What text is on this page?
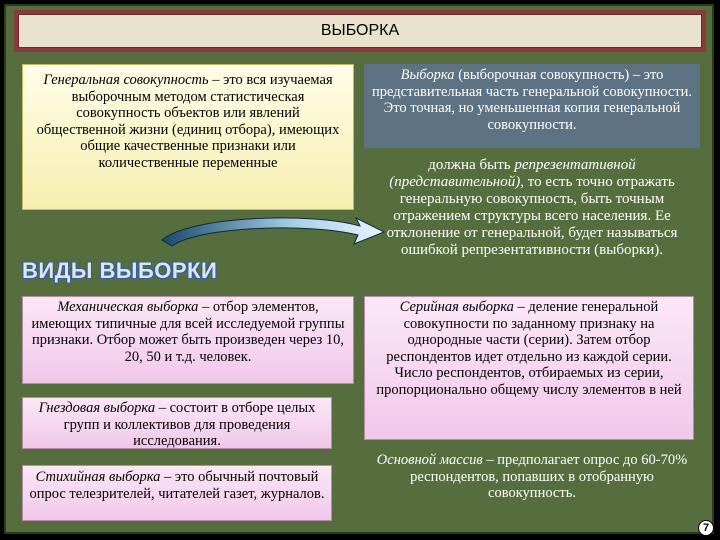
ВЫБОРКА
Генеральная совокупность – это вся изучаемая выборочным методом статистическая совокупность объектов или явлений общественной жизни (единиц отбора), имеющих общие качественные признаки или количественные переменные
Выборка (выборочная совокупность) – это представительная часть генеральной совокупности. Это точная, но уменьшенная копия генеральной совокупности.
должна быть репрезентативной (представительной), то есть точно отражать генеральную совокупность, быть точным отражением структуры всего населения. Ее отклонение от генеральной, будет называться ошибкой репрезентативности (выборки).
ВИДЫ ВЫБОРКИ
Механическая выборка – отбор элементов, имеющих типичные для всей исследуемой группы признаки. Отбор может быть произведен через 10, 20, 50 и т.д. человек.
Гнездовая выборка – состоит в отборе целых групп и коллективов для проведения исследования.
Стихийная выборка – это обычный почтовый опрос телезрителей, читателей газет, журналов.
Серийная выборка – деление генеральной совокупности по заданному признаку на однородные части (серии). Затем отбор респондентов идет отдельно из каждой серии. Число респондентов, отбираемых из серии, пропорционально общему числу элементов в ней
Основной массив – предполагает опрос до 60-70% респондентов, попавших в отобранную совокупность.
7
